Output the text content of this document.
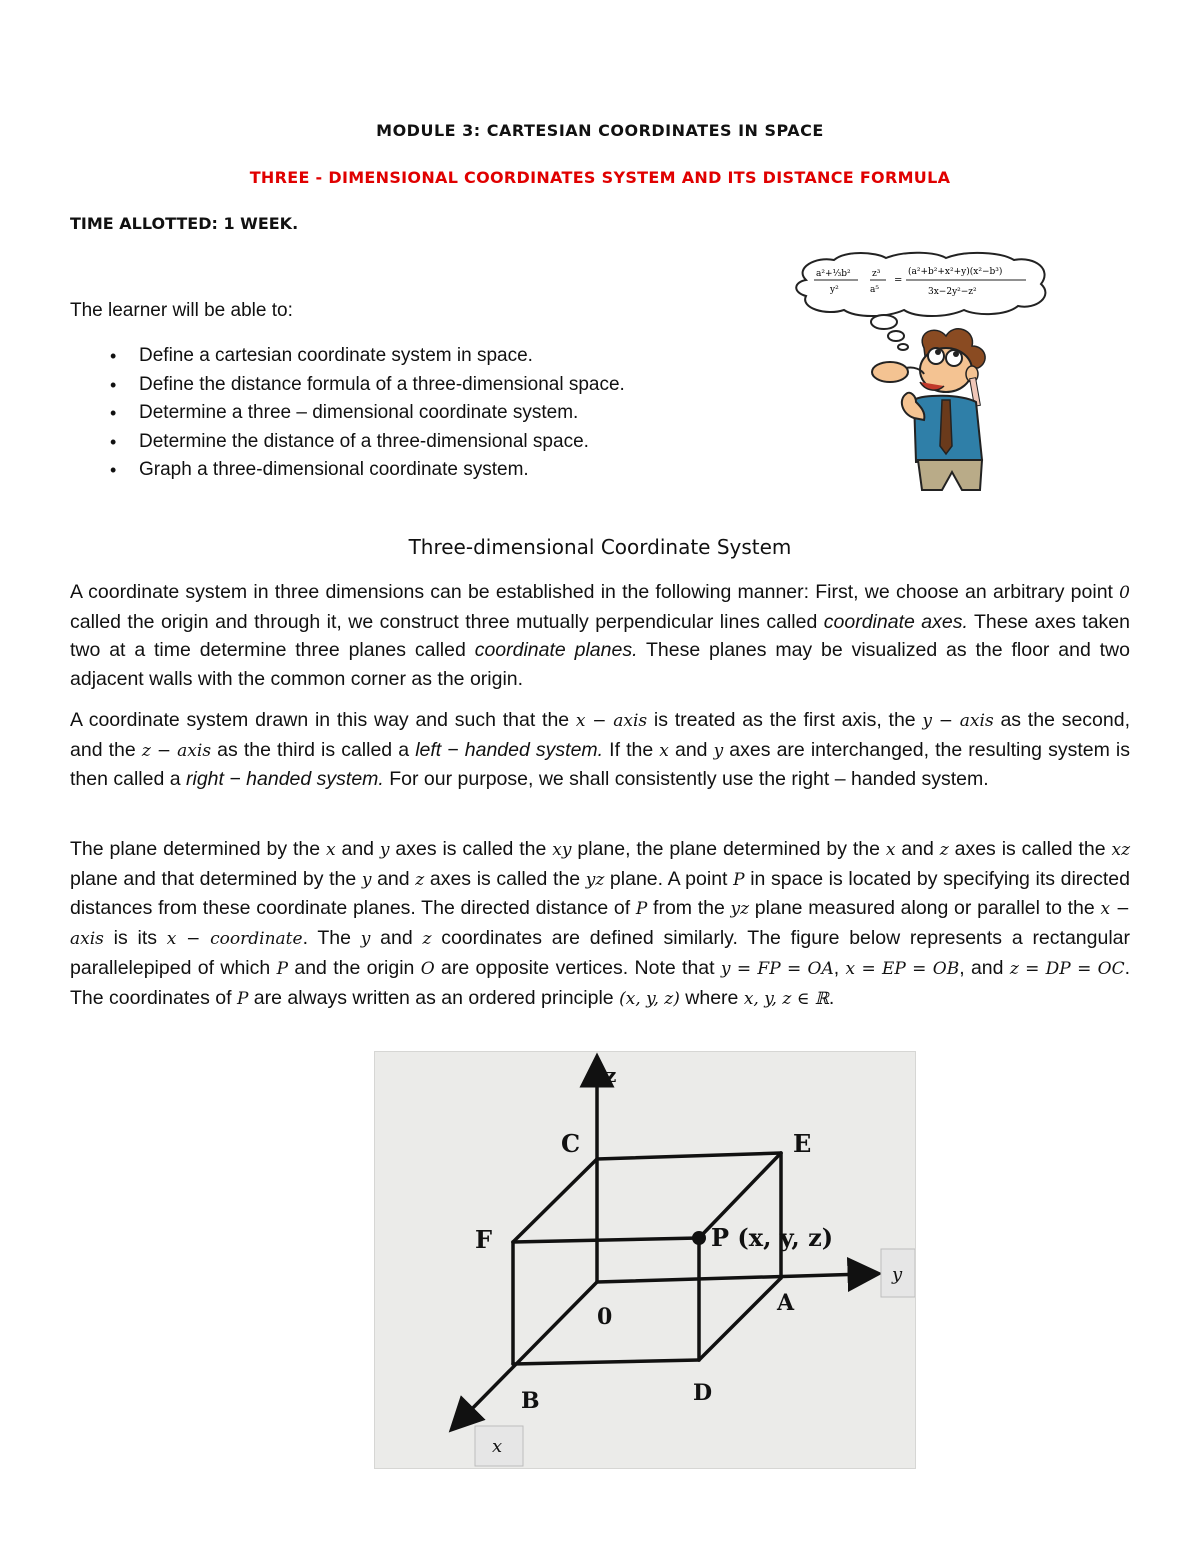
MODULE 3: CARTESIAN COORDINATES IN SPACE
THREE - DIMENSIONAL COORDINATES SYSTEM AND ITS DISTANCE FORMULA
TIME ALLOTTED: 1 WEEK.
The learner will be able to:
• Define a cartesian coordinate system in space.
• Define the distance formula of a three-dimensional space.
• Determine a three – dimensional coordinate system.
• Determine the distance of a three-dimensional space.
• Graph a three-dimensional coordinate system.
a²+⅓b²
y²
z³
a⁵
=
(a²+b²+x²+y)(x²−b³)
3x−2y²−z²
Three-dimensional Coordinate System

A coordinate system in three dimensions can be established in the following manner: First, we choose an arbitrary point 0 called the origin and through it, we construct three mutually perpendicular lines called coordinate axes. These axes taken two at a time determine three planes called coordinate planes. These planes may be visualized as the floor and two adjacent walls with the common corner as the origin.

A coordinate system drawn in this way and such that the x − axis is treated as the first axis, the y − axis as the second, and the z − axis as the third is called a left − handed system. If the x and y axes are interchanged, the resulting system is then called a right − handed system. For our purpose, we shall consistently use the right – handed system.

The plane determined by the x and y axes is called the xy plane, the plane determined by the x and z axes is called the xz plane and that determined by the y and z axes is called the yz plane. A point P in space is located by specifying its directed distances from these coordinate planes. The directed distance of P from the yz plane measured along or parallel to the x − axis is its x − coordinate. The y and z coordinates are defined similarly. The figure below represents a rectangular parallelepiped of which P and the origin O are opposite vertices. Note that y = FP = OA, x = EP = OB, and z = DP = OC. The coordinates of P are always written as an ordered principle (x, y, z) where x, y, z ∈ ℝ.

z
C	E
F	P (x, y, z)
0
A
B	D
y
x
